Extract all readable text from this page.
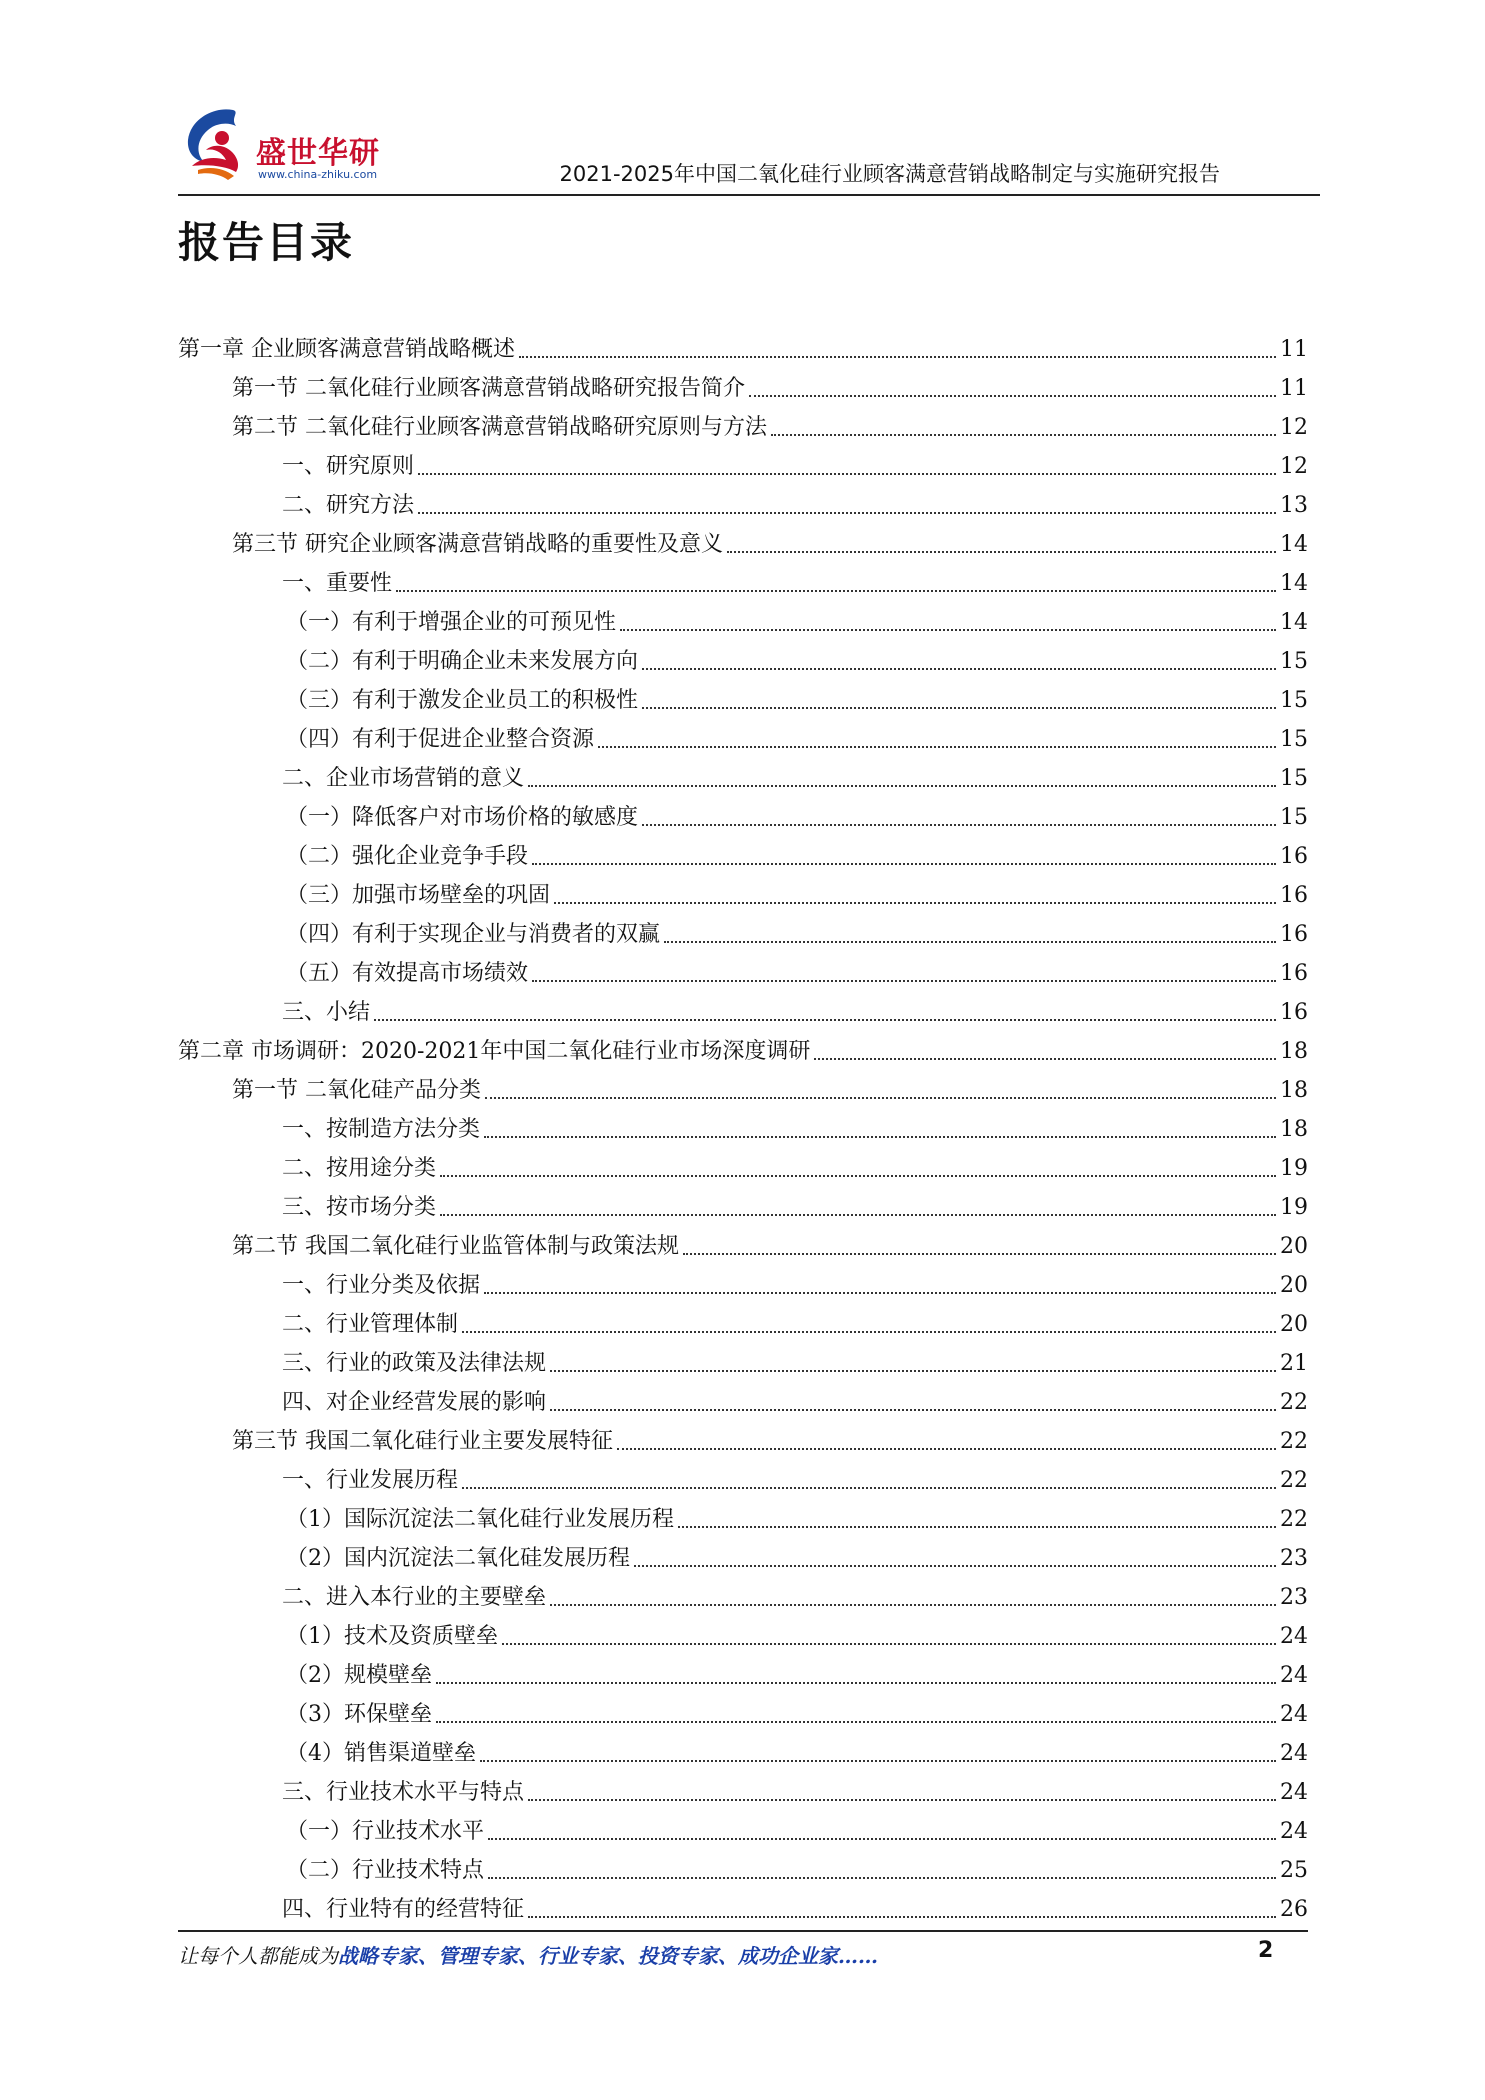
盛世华研
www.china-zhiku.com	2021-2025年中国二氧化硅行业顾客满意营销战略制定与实施研究报告
报告目录
第一章 企业顾客满意营销战略概述	11
第一节 二氧化硅行业顾客满意营销战略研究报告简介	11
第二节 二氧化硅行业顾客满意营销战略研究原则与方法	12
一、研究原则	12
二、研究方法	13
第三节 研究企业顾客满意营销战略的重要性及意义	14
一、重要性	14
（一）有利于增强企业的可预见性	14
（二）有利于明确企业未来发展方向	15
（三）有利于激发企业员工的积极性	15
（四）有利于促进企业整合资源	15
二、企业市场营销的意义	15
（一）降低客户对市场价格的敏感度	15
（二）强化企业竞争手段	16
（三）加强市场壁垒的巩固	16
（四）有利于实现企业与消费者的双赢	16
（五）有效提高市场绩效	16
三、小结	16
第二章 市场调研：2020-2021年中国二氧化硅行业市场深度调研	18
第一节 二氧化硅产品分类	18
一、按制造方法分类	18
二、按用途分类	19
三、按市场分类	19
第二节 我国二氧化硅行业监管体制与政策法规	20
一、行业分类及依据	20
二、行业管理体制	20
三、行业的政策及法律法规	21
四、对企业经营发展的影响	22
第三节 我国二氧化硅行业主要发展特征	22
一、行业发展历程	22
（1）国际沉淀法二氧化硅行业发展历程	22
（2）国内沉淀法二氧化硅发展历程	23
二、进入本行业的主要壁垒	23
（1）技术及资质壁垒	24
（2）规模壁垒	24
（3）环保壁垒	24
（4）销售渠道壁垒	24
三、行业技术水平与特点	24
（一）行业技术水平	24
（二）行业技术特点	25
四、行业特有的经营特征	26
让每个人都能成为战略专家、管理专家、行业专家、投资专家、成功企业家……	2
